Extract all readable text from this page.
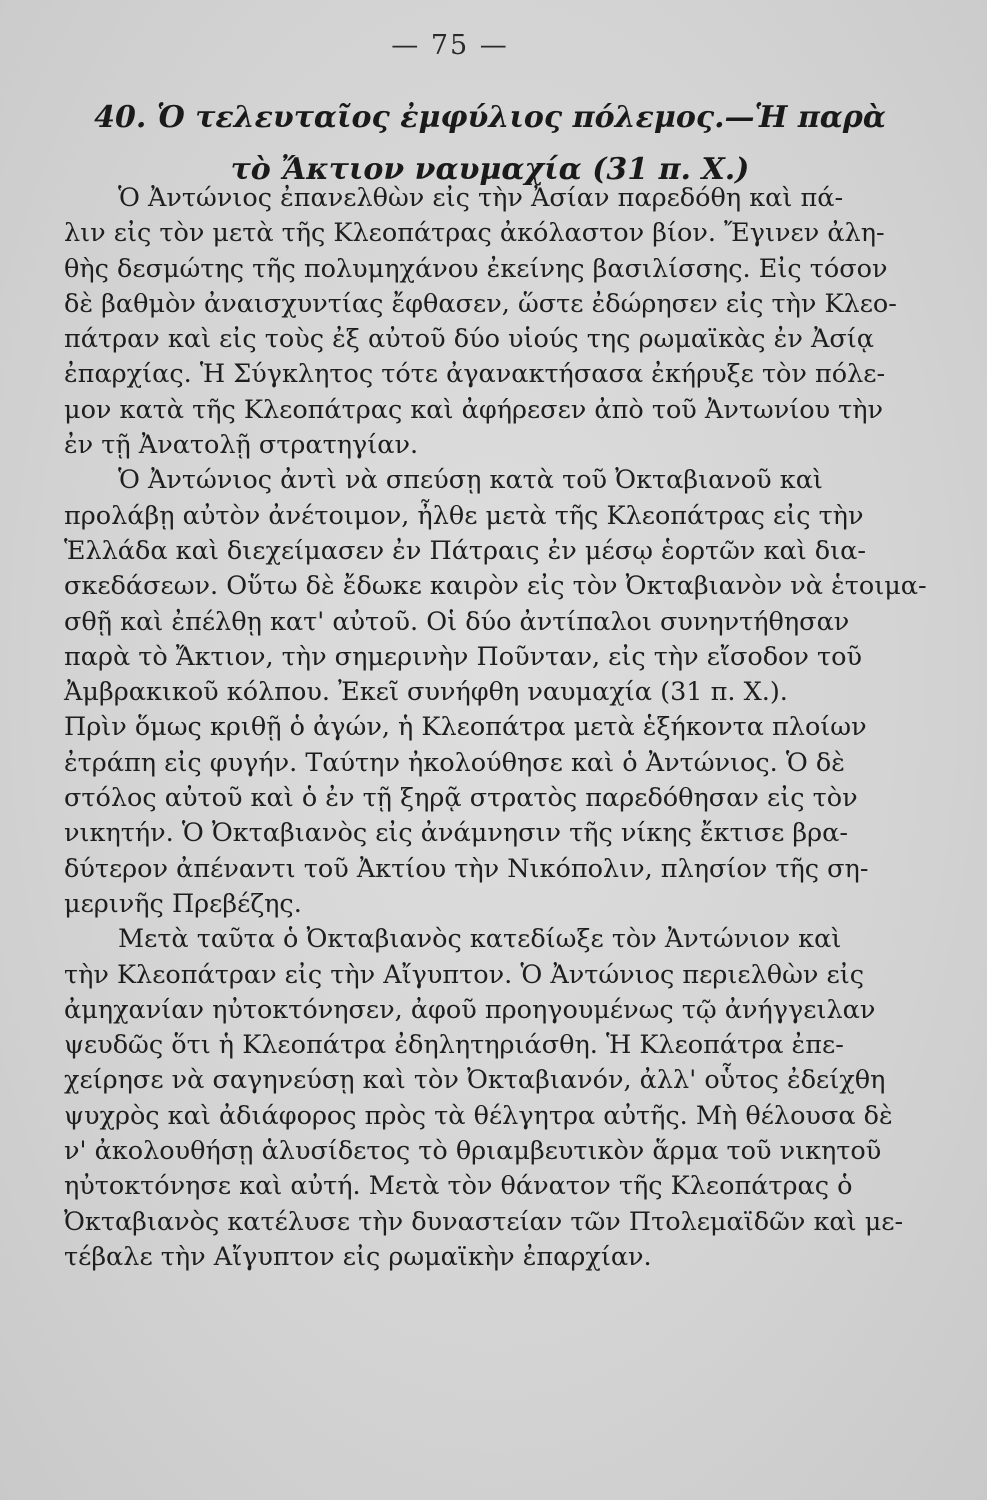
— 75 —
40. Ὁ τελευταῖος ἐμφύλιος πόλεμος.—Ἡ παρὰ
τὸ Ἄκτιον ναυμαχία (31 π. Χ.)
Ὁ Ἀντώνιος ἐπανελθὼν εἰς τὴν Ἀσίαν παρεδόθη καὶ πά-
λιν εἰς τὸν μετὰ τῆς Κλεοπάτρας ἀκόλαστον βίον. Ἔγινεν ἀλη-
θὴς δεσμώτης τῆς πολυμηχάνου ἐκείνης βασιλίσσης. Εἰς τόσον
δὲ βαθμὸν ἀναισχυντίας ἔφθασεν, ὥστε ἐδώρησεν εἰς τὴν Κλεο-
πάτραν καὶ εἰς τοὺς ἐξ αὐτοῦ δύο υἱούς της ρωμαϊκὰς ἐν Ἀσίᾳ
ἐπαρχίας. Ἡ Σύγκλητος τότε ἀγανακτήσασα ἐκήρυξε τὸν πόλε-
μον κατὰ τῆς Κλεοπάτρας καὶ ἀφήρεσεν ἀπὸ τοῦ Ἀντωνίου τὴν
ἐν τῇ Ἀνατολῇ στρατηγίαν.
Ὁ Ἀντώνιος ἀντὶ νὰ σπεύσῃ κατὰ τοῦ Ὀκταβιανοῦ καὶ
προλάβῃ αὐτὸν ἀνέτοιμον, ἦλθε μετὰ τῆς Κλεοπάτρας εἰς τὴν
Ἑλλάδα καὶ διεχείμασεν ἐν Πάτραις ἐν μέσῳ ἑορτῶν καὶ δια-
σκεδάσεων. Οὕτω δὲ ἔδωκε καιρὸν εἰς τὸν Ὀκταβιανὸν νὰ ἑτοιμα-
σθῇ καὶ ἐπέλθῃ κατ' αὐτοῦ. Οἱ δύο ἀντίπαλοι συνηντήθησαν
παρὰ τὸ Ἄκτιον, τὴν σημερινὴν Ποῦνταν, εἰς τὴν εἴσοδον τοῦ
Ἀμβρακικοῦ κόλπου. Ἐκεῖ συνήφθη ναυμαχία (31 π. Χ.).
Πρὶν ὅμως κριθῇ ὁ ἀγών, ἡ Κλεοπάτρα μετὰ ἑξήκοντα πλοίων
ἐτράπη εἰς φυγήν. Ταύτην ἠκολούθησε καὶ ὁ Ἀντώνιος. Ὁ δὲ
στόλος αὐτοῦ καὶ ὁ ἐν τῇ ξηρᾷ στρατὸς παρεδόθησαν εἰς τὸν
νικητήν. Ὁ Ὀκταβιανὸς εἰς ἀνάμνησιν τῆς νίκης ἔκτισε βρα-
δύτερον ἀπέναντι τοῦ Ἀκτίου τὴν Νικόπολιν, πλησίον τῆς ση-
μερινῆς Πρεβέζης.
Μετὰ ταῦτα ὁ Ὀκταβιανὸς κατεδίωξε τὸν Ἀντώνιον καὶ
τὴν Κλεοπάτραν εἰς τὴν Αἴγυπτον. Ὁ Ἀντώνιος περιελθὼν εἰς
ἀμηχανίαν ηὐτοκτόνησεν, ἀφοῦ προηγουμένως τῷ ἀνήγγειλαν
ψευδῶς ὅτι ἡ Κλεοπάτρα ἐδηλητηριάσθη. Ἡ Κλεοπάτρα ἐπε-
χείρησε νὰ σαγηνεύσῃ καὶ τὸν Ὀκταβιανόν, ἀλλ' οὗτος ἐδείχθη
ψυχρὸς καὶ ἀδιάφορος πρὸς τὰ θέλγητρα αὐτῆς. Μὴ θέλουσα δὲ
ν' ἀκολουθήσῃ ἁλυσίδετος τὸ θριαμβευτικὸν ἅρμα τοῦ νικητοῦ
ηὐτοκτόνησε καὶ αὐτή. Μετὰ τὸν θάνατον τῆς Κλεοπάτρας ὁ
Ὀκταβιανὸς κατέλυσε τὴν δυναστείαν τῶν Πτολεμαϊδῶν καὶ με-
τέβαλε τὴν Αἴγυπτον εἰς ρωμαϊκὴν ἐπαρχίαν.
